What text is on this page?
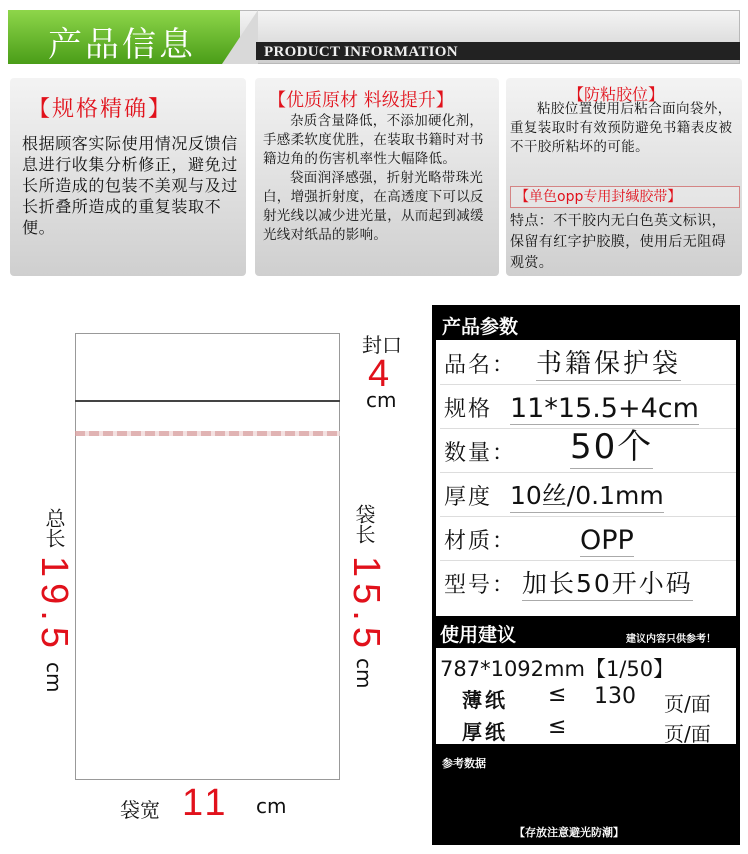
产品信息	PRODUCT INFORMATION
【规格精确】
根据顾客实际使用情况反馈信息进行收集分析修正，避免过长所造成的包装不美观与及过长折叠所造成的重复装取不便。
【优质原材 料级提升】
杂质含量降低，不添加硬化剂，手感柔软度优胜，在装取书籍时对书籍边角的伤害机率性大幅降低。
袋面润泽感强，折射光略带珠光白，增强折射度，在高透度下可以反射光线以减少进光量，从而起到减缓光线对纸品的影响。
【防粘胶位】
粘胶位置使用后粘合面向袋外，重复装取时有效预防避免书籍表皮被不干胶所粘坏的可能。
【单色opp专用封缄胶带】
特点：不干胶内无白色英文标识，保留有红字护胶膜，使用后无阻碍观赏。
封口
4
cm
总长
19.5
cm
袋长
15.5
cm
袋宽 11 cm
产品参数
品名： 书籍保护袋
规格 11*15.5+4cm
数量： 50个
厚度 10丝/0.1mm
材质： OPP
型号： 加长50开小码
使用建议	建议内容只供参考！
787*1092mm【1/50】
薄纸 ≤ 130 页/面
厚纸 ≤	页/面
参考数据
【存放注意避光防潮】
